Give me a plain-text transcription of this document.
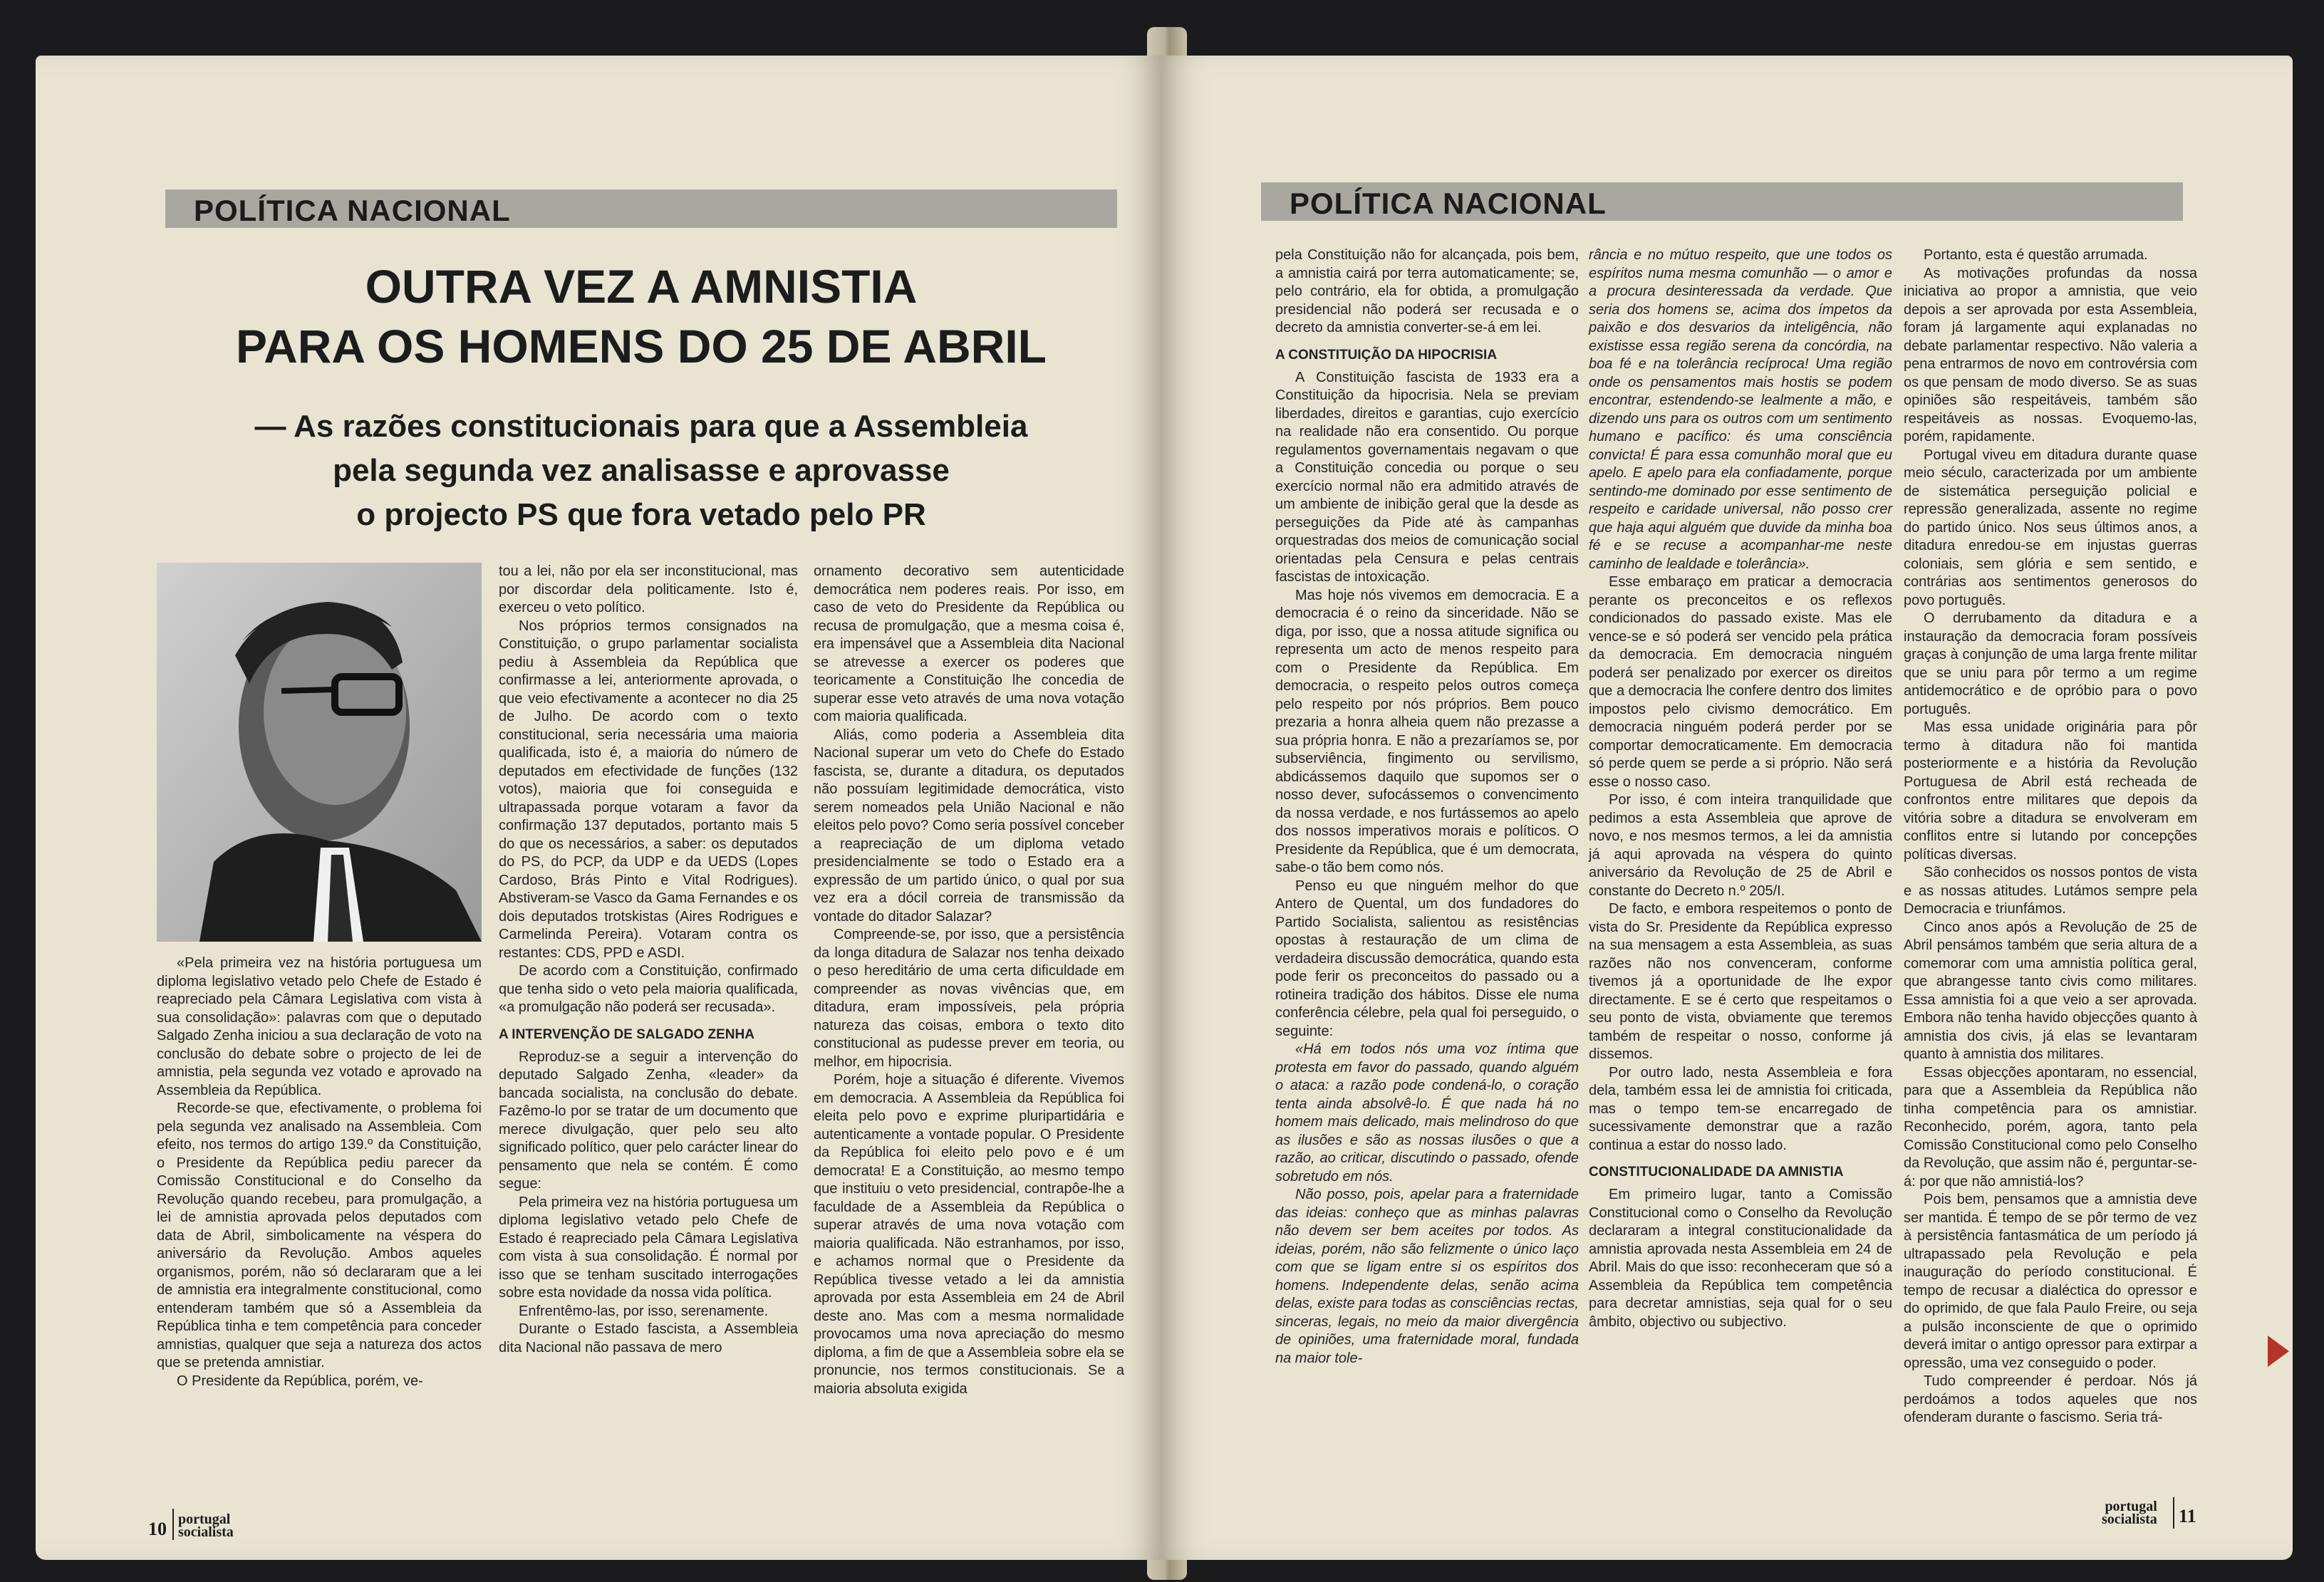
POLÍTICA NACIONAL
OUTRA VEZ A AMNISTIA
PARA OS HOMENS DO 25 DE ABRIL
— As razões constitucionais para que a Assembleia
pela segunda vez analisasse e aprovasse
o projecto PS que fora vetado pelo PR

«Pela primeira vez na história portuguesa um diploma legislativo vetado pelo Chefe de Estado é reapreciado pela Câmara Legislativa com vista à sua consolidação»: palavras com que o deputado Salgado Zenha iniciou a sua declaração de voto na conclusão do debate sobre o projecto de lei de amnistia, pela segunda vez votado e aprovado na Assembleia da República.

Recorde-se que, efectivamente, o problema foi pela segunda vez analisado na Assembleia. Com efeito, nos termos do artigo 139.º da Constituição, o Presidente da República pediu parecer da Comissão Constitucional e do Conselho da Revolução quando recebeu, para promulgação, a lei de amnistia aprovada pelos deputados com data de Abril, simbolicamente na véspera do aniversário da Revolução. Ambos aqueles organismos, porém, não só declararam que a lei de amnistia era integralmente constitucional, como entenderam também que só a Assembleia da República tinha e tem competência para conceder amnistias, qualquer que seja a natureza dos actos que se pretenda amnistiar.

O Presidente da República, porém, ve-

tou a lei, não por ela ser inconstitucional, mas por discordar dela politicamente. Isto é, exerceu o veto político.

Nos próprios termos consignados na Constituição, o grupo parlamentar socialista pediu à Assembleia da República que confirmasse a lei, anteriormente aprovada, o que veio efectivamente a acontecer no dia 25 de Julho. De acordo com o texto constitucional, seria necessária uma maioria qualificada, isto é, a maioria do número de deputados em efectividade de funções (132 votos), maioria que foi conseguida e ultrapassada porque votaram a favor da confirmação 137 deputados, portanto mais 5 do que os necessários, a saber: os deputados do PS, do PCP, da UDP e da UEDS (Lopes Cardoso, Brás Pinto e Vital Rodrigues). Abstiveram-se Vasco da Gama Fernandes e os dois deputados trotskistas (Aires Rodrigues e Carmelinda Pereira). Votaram contra os restantes: CDS, PPD e ASDI.

De acordo com a Constituição, confirmado que tenha sido o veto pela maioria qualificada, «a promulgação não poderá ser recusada».

A INTERVENÇÃO DE SALGADO ZENHA

Reproduz-se a seguir a intervenção do deputado Salgado Zenha, «leader» da bancada socialista, na conclusão do debate. Fazêmo-lo por se tratar de um documento que merece divulgação, quer pelo seu alto significado político, quer pelo carácter linear do pensamento que nela se contém. É como segue:

Pela primeira vez na história portuguesa um diploma legislativo vetado pelo Chefe de Estado é reapreciado pela Câmara Legislativa com vista à sua consolidação. É normal por isso que se tenham suscitado interrogações sobre esta novidade da nossa vida política.

Enfrentêmo-las, por isso, serenamente.

Durante o Estado fascista, a Assembleia dita Nacional não passava de mero

ornamento decorativo sem autenticidade democrática nem poderes reais. Por isso, em caso de veto do Presidente da República ou recusa de promulgação, que a mesma coisa é, era impensável que a Assembleia dita Nacional se atrevesse a exercer os poderes que teoricamente a Constituição lhe concedia de superar esse veto através de uma nova votação com maioria qualificada.

Aliás, como poderia a Assembleia dita Nacional superar um veto do Chefe do Estado fascista, se, durante a ditadura, os deputados não possuíam legitimidade democrática, visto serem nomeados pela União Nacional e não eleitos pelo povo? Como seria possível conceber a reapreciação de um diploma vetado presidencialmente se todo o Estado era a expressão de um partido único, o qual por sua vez era a dócil correia de transmissão da vontade do ditador Salazar?

Compreende-se, por isso, que a persistência da longa ditadura de Salazar nos tenha deixado o peso hereditário de uma certa dificuldade em compreender as novas vivências que, em ditadura, eram impossíveis, pela própria natureza das coisas, embora o texto dito constitucional as pudesse prever em teoria, ou melhor, em hipocrisia.

Porém, hoje a situação é diferente. Vivemos em democracia. A Assembleia da República foi eleita pelo povo e exprime pluripartidária e autenticamente a vontade popular. O Presidente da República foi eleito pelo povo e é um democrata! E a Constituição, ao mesmo tempo que instituiu o veto presidencial, contrapôe-lhe a faculdade de a Assembleia da República o superar através de uma nova votação com maioria qualificada. Não estranhamos, por isso, e achamos normal que o Presidente da República tivesse vetado a lei da amnistia aprovada por esta Assembleia em 24 de Abril deste ano. Mas com a mesma normalidade provocamos uma nova apreciação do mesmo diploma, a fim de que a Assembleia sobre ela se pronuncie, nos termos constitucionais. Se a maioria absoluta exigida

10 portugal
socialista
POLÍTICA NACIONAL

pela Constituição não for alcançada, pois bem, a amnistia cairá por terra automaticamente; se, pelo contrário, ela for obtida, a promulgação presidencial não poderá ser recusada e o decreto da amnistia converter-se-á em lei.

A CONSTITUIÇÃO DA HIPOCRISIA

A Constituição fascista de 1933 era a Constituição da hipocrisia. Nela se previam liberdades, direitos e garantias, cujo exercício na realidade não era consentido. Ou porque regulamentos governamentais negavam o que a Constituição concedia ou porque o seu exercício normal não era admitido através de um ambiente de inibição geral que la desde as perseguições da Pide até às campanhas orquestradas dos meios de comunicação social orientadas pela Censura e pelas centrais fascistas de intoxicação.

Mas hoje nós vivemos em democracia. E a democracia é o reino da sinceridade. Não se diga, por isso, que a nossa atitude significa ou representa um acto de menos respeito para com o Presidente da República. Em democracia, o respeito pelos outros começa pelo respeito por nós próprios. Bem pouco prezaria a honra alheia quem não prezasse a sua própria honra. E não a prezaríamos se, por subserviência, fingimento ou servilismo, abdicássemos daquilo que supomos ser o nosso dever, sufocássemos o convencimento da nossa verdade, e nos furtássemos ao apelo dos nossos imperativos morais e políticos. O Presidente da República, que é um democrata, sabe-o tão bem como nós.

Penso eu que ninguém melhor do que Antero de Quental, um dos fundadores do Partido Socialista, salientou as resistências opostas à restauração de um clima de verdadeira discussão democrática, quando esta pode ferir os preconceitos do passado ou a rotineira tradição dos hábitos. Disse ele numa conferência célebre, pela qual foi perseguido, o seguinte:

«Há em todos nós uma voz íntima que protesta em favor do passado, quando alguém o ataca: a razão pode condená-lo, o coração tenta ainda absolvê-lo. É que nada há no homem mais delicado, mais melindroso do que as ilusões e são as nossas ilusões o que a razão, ao criticar, discutindo o passado, ofende sobretudo em nós.

Não posso, pois, apelar para a fraternidade das ideias: conheço que as minhas palavras não devem ser bem aceites por todos. As ideias, porém, não são felizmente o único laço com que se ligam entre si os espíritos dos homens. Independente delas, senão acima delas, existe para todas as consciências rectas, sinceras, legais, no meio da maior divergência de opiniões, uma fraternidade moral, fundada na maior tole-

rância e no mútuo respeito, que une todos os espíritos numa mesma comunhão — o amor e a procura desinteressada da verdade. Que seria dos homens se, acima dos ímpetos da paixão e dos desvarios da inteligência, não existisse essa região serena da concórdia, na boa fé e na tolerância recíproca! Uma região onde os pensamentos mais hostis se podem encontrar, estendendo-se lealmente a mão, e dizendo uns para os outros com um sentimento humano e pacífico: és uma consciência convicta! É para essa comunhão moral que eu apelo. E apelo para ela confiadamente, porque sentindo-me dominado por esse sentimento de respeito e caridade universal, não posso crer que haja aqui alguém que duvide da minha boa fé e se recuse a acompanhar-me neste caminho de lealdade e tolerância».

Esse embaraço em praticar a democracia perante os preconceitos e os reflexos condicionados do passado existe. Mas ele vence-se e só poderá ser vencido pela prática da democracia. Em democracia ninguém poderá ser penalizado por exercer os direitos que a democracia lhe confere dentro dos limites impostos pelo civismo democrático. Em democracia ninguém poderá perder por se comportar democraticamente. Em democracia só perde quem se perde a si próprio. Não será esse o nosso caso.

Por isso, é com inteira tranquilidade que pedimos a esta Assembleia que aprove de novo, e nos mesmos termos, a lei da amnistia já aqui aprovada na véspera do quinto aniversário da Revolução de 25 de Abril e constante do Decreto n.º 205/I.

De facto, e embora respeitemos o ponto de vista do Sr. Presidente da República expresso na sua mensagem a esta Assembleia, as suas razões não nos convenceram, conforme tivemos já a oportunidade de lhe expor directamente. E se é certo que respeitamos o seu ponto de vista, obviamente que teremos também de respeitar o nosso, conforme já dissemos.

Por outro lado, nesta Assembleia e fora dela, também essa lei de amnistia foi criticada, mas o tempo tem-se encarregado de sucessivamente demonstrar que a razão continua a estar do nosso lado.

CONSTITUCIONALIDADE DA AMNISTIA

Em primeiro lugar, tanto a Comissão Constitucional como o Conselho da Revolução declararam a integral constitucionalidade da amnistia aprovada nesta Assembleia em 24 de Abril. Mais do que isso: reconheceram que só a Assembleia da República tem competência para decretar amnistias, seja qual for o seu âmbito, objectivo ou subjectivo.

Portanto, esta é questão arrumada.

As motivações profundas da nossa iniciativa ao propor a amnistia, que veio depois a ser aprovada por esta Assembleia, foram já largamente aqui explanadas no debate parlamentar respectivo. Não valeria a pena entrarmos de novo em controvérsia com os que pensam de modo diverso. Se as suas opiniões são respeitáveis, também são respeitáveis as nossas. Evoquemo-las, porém, rapidamente.

Portugal viveu em ditadura durante quase meio século, caracterizada por um ambiente de sistemática perseguição policial e repressão generalizada, assente no regime do partido único. Nos seus últimos anos, a ditadura enredou-se em injustas guerras coloniais, sem glória e sem sentido, e contrárias aos sentimentos generosos do povo português.

O derrubamento da ditadura e a instauração da democracia foram possíveis graças à conjunção de uma larga frente militar que se uniu para pôr termo a um regime antidemocrático e de opróbio para o povo português.

Mas essa unidade originária para pôr termo à ditadura não foi mantida posteriormente e a história da Revolução Portuguesa de Abril está recheada de confrontos entre militares que depois da vitória sobre a ditadura se envolveram em conflitos entre si lutando por concepções políticas diversas.

São conhecidos os nossos pontos de vista e as nossas atitudes. Lutámos sempre pela Democracia e triunfámos.

Cinco anos após a Revolução de 25 de Abril pensámos também que seria altura de a comemorar com uma amnistia política geral, que abrangesse tanto civis como militares. Essa amnistia foi a que veio a ser aprovada. Embora não tenha havido objecções quanto à amnistia dos civis, já elas se levantaram quanto à amnistia dos militares.

Essas objecções apontaram, no essencial, para que a Assembleia da República não tinha competência para os amnistiar. Reconhecido, porém, agora, tanto pela Comissão Constitucional como pelo Conselho da Revolução, que assim não é, perguntar-se-á: por que não amnistiá-los?

Pois bem, pensamos que a amnistia deve ser mantida. É tempo de se pôr termo de vez à persistência fantasmática de um período já ultrapassado pela Revolução e pela inauguração do período constitucional. É tempo de recusar a dialéctica do opressor e do oprimido, de que fala Paulo Freire, ou seja a pulsão inconsciente de que o oprimido deverá imitar o antigo opressor para extirpar a opressão, uma vez conseguido o poder.

Tudo compreender é perdoar. Nós já perdoámos a todos aqueles que nos ofenderam durante o fascismo. Seria trá-

portugal
socialista 11
